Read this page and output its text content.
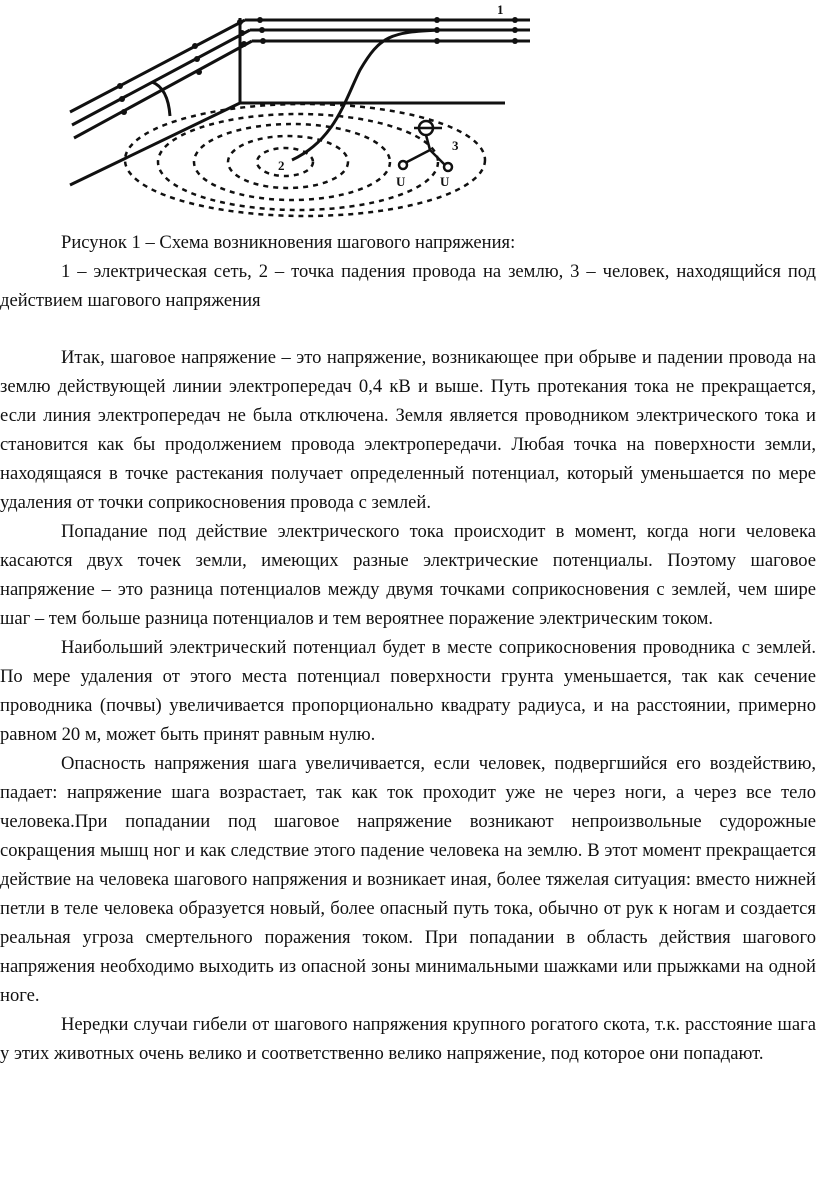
1
2
3
U	U

Рисунок 1 – Схема возникновения шагового напряжения:

1 – электрическая сеть, 2 – точка падения провода на землю, 3 – человек, находящийся под действием шагового напряжения

Итак, шаговое напряжение – это напряжение, возникающее при обрыве и падении провода на землю действующей линии электропередач 0,4 кВ и выше. Путь протекания тока не прекращается, если линия электропередач не была отключена. Земля является проводником электрического тока и становится как бы продолжением провода электропередачи. Любая точка на поверхности земли, находящаяся в точке растекания получает определенный потенциал, который уменьшается по мере удаления от точки соприкосновения провода с землей.

Попадание под действие электрического тока происходит в момент, когда ноги человека касаются двух точек земли, имеющих разные электрические потенциалы. Поэтому шаговое напряжение – это разница потенциалов между двумя точками соприкосновения с землей, чем шире шаг – тем больше разница потенциалов и тем вероятнее поражение электрическим током.

Наибольший электрический потенциал будет в месте соприкосновения проводника с землей. По мере удаления от этого места потенциал поверхности грунта уменьшается, так как сечение проводника (почвы) увеличивается пропорционально квадрату радиуса, и на расстоянии, примерно равном 20 м, может быть принят равным нулю.

Опасность напряжения шага увеличивается, если человек, подвергшийся его воздействию, падает: напряжение шага возрастает, так как ток проходит уже не через ноги, а через все тело человека.При попадании под шаговое напряжение возникают непроизвольные судорожные сокращения мышц ног и как следствие этого падение человека на землю. В этот момент прекращается действие на человека шагового напряжения и возникает иная, более тяжелая ситуация: вместо нижней петли в теле человека образуется новый, более опасный путь тока, обычно от рук к ногам и создается реальная угроза смертельного поражения током. При попадании в область действия шагового напряжения необходимо выходить из опасной зоны минимальными шажками или прыжками на одной ноге.

Нередки случаи гибели от шагового напряжения крупного рогатого скота, т.к. расстояние шага у этих животных очень велико и соответственно велико напряжение, под которое они попадают.
